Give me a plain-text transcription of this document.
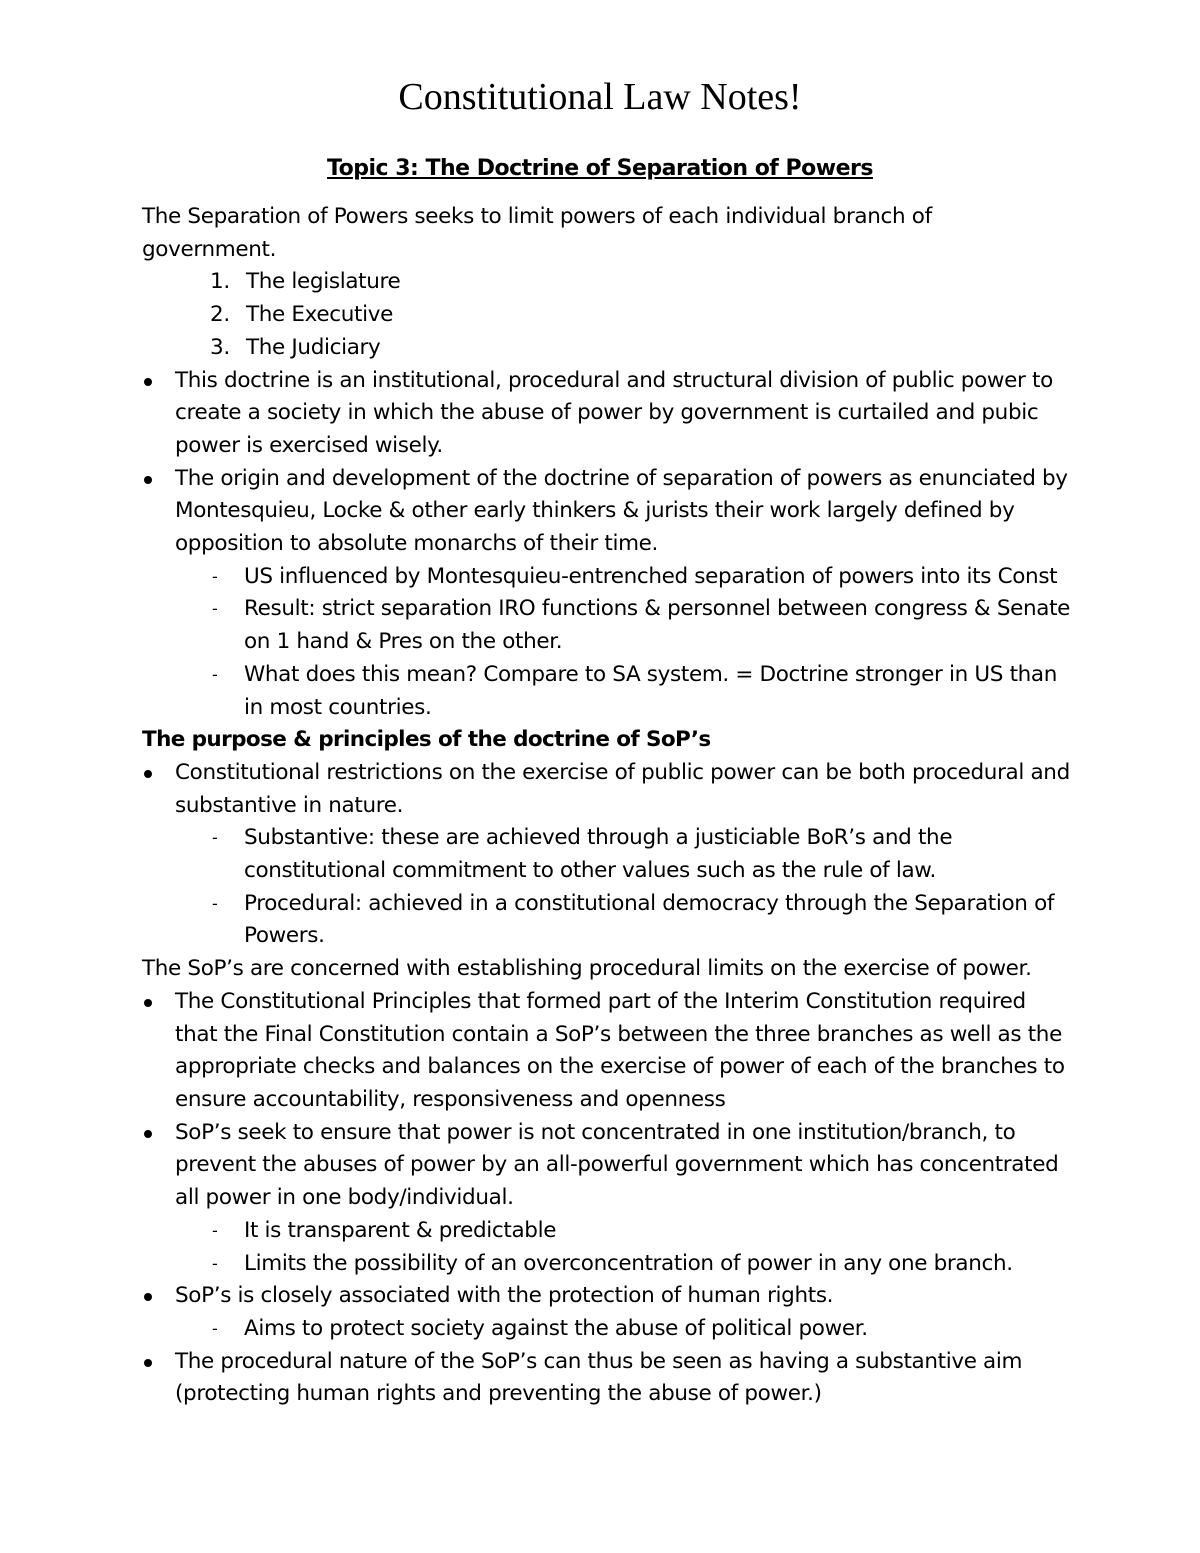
Constitutional Law Notes!
Topic 3: The Doctrine of Separation of Powers

The Separation of Powers seeks to limit powers of each individual branch of government.

1. The legislature
2. The Executive
3. The Judiciary
This doctrine is an institutional, procedural and structural division of public power to create a society in which the abuse of power by government is curtailed and pubic power is exercised wisely.
The origin and development of the doctrine of separation of powers as enunciated by Montesquieu, Locke & other early thinkers & jurists their work largely defined by opposition to absolute monarchs of their time.
- US influenced by Montesquieu-entrenched separation of powers into its Const
- Result: strict separation IRO functions & personnel between congress & Senate on 1 hand & Pres on the other.
- What does this mean? Compare to SA system. = Doctrine stronger in US than in most countries.

The purpose & principles of the doctrine of SoP’s

Constitutional restrictions on the exercise of public power can be both procedural and substantive in nature.
- Substantive: these are achieved through a justiciable BoR’s and the constitutional commitment to other values such as the rule of law.
- Procedural: achieved in a constitutional democracy through the Separation of Powers.

The SoP’s are concerned with establishing procedural limits on the exercise of power.

The Constitutional Principles that formed part of the Interim Constitution required that the Final Constitution contain a SoP’s between the three branches as well as the appropriate checks and balances on the exercise of power of each of the branches to ensure accountability, responsiveness and openness
SoP’s seek to ensure that power is not concentrated in one institution/branch, to prevent the abuses of power by an all-powerful government which has concentrated all power in one body/individual.
- It is transparent & predictable
- Limits the possibility of an overconcentration of power in any one branch.
SoP’s is closely associated with the protection of human rights.
- Aims to protect society against the abuse of political power.
The procedural nature of the SoP’s can thus be seen as having a substantive aim (protecting human rights and preventing the abuse of power.)
